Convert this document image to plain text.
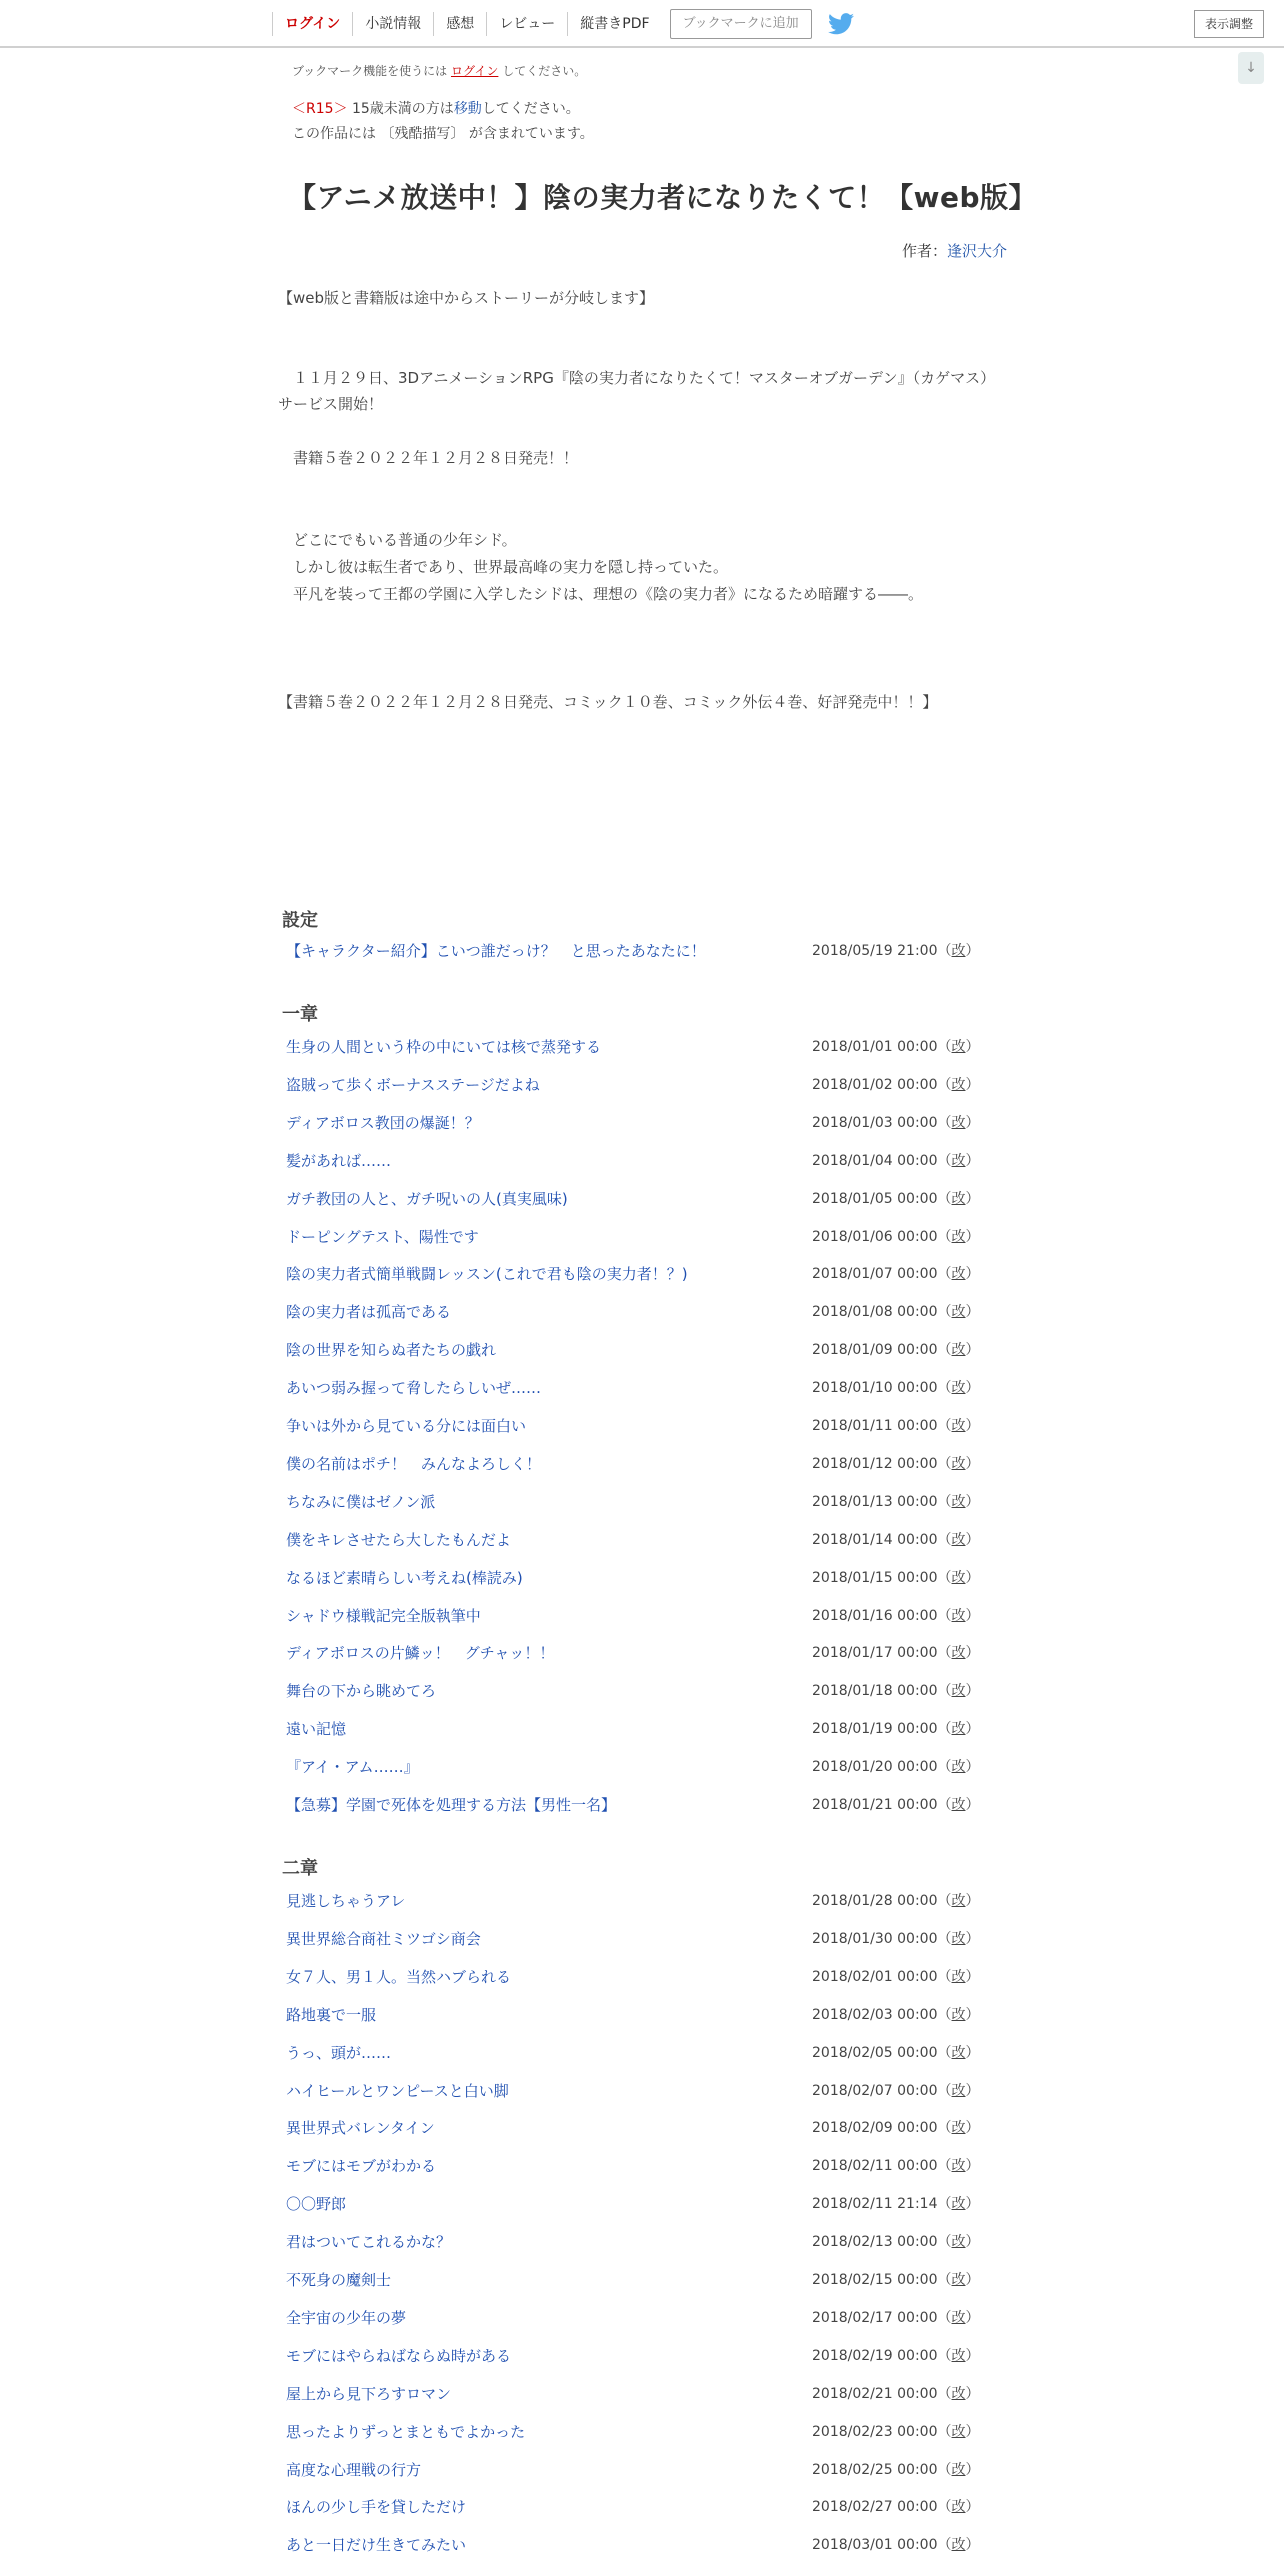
ログイン	小説情報	感想	レビュー	縦書きPDF	ブックマークに追加	表示調整
↓
ブックマーク機能を使うには ログイン してください。
＜R15＞ 15歳未満の方は移動してください。
この作品には 〔残酷描写〕 が含まれています。
【アニメ放送中！】陰の実力者になりたくて！【web版】
作者：逢沢大介
【web版と書籍版は途中からストーリーが分岐します】
　１１月２９日、3DアニメーションRPG『陰の実力者になりたくて！マスターオブガーデン』（カゲマス）
サービス開始！
　書籍５巻２０２２年１２月２８日発売！！
　どこにでもいる普通の少年シド。
　しかし彼は転生者であり、世界最高峰の実力を隠し持っていた。
　平凡を装って王都の学園に入学したシドは、理想の《陰の実力者》になるため暗躍する――。
【書籍５巻２０２２年１２月２８日発売、コミック１０巻、コミック外伝４巻、好評発売中！！】
設定
【キャラクター紹介】こいつ誰だっけ？　と思ったあなたに！	2018/05/19 21:00（改）
一章
生身の人間という枠の中にいては核で蒸発する	2018/01/01 00:00（改）
盗賊って歩くボーナスステージだよね	2018/01/02 00:00（改）
ディアボロス教団の爆誕！？	2018/01/03 00:00（改）
髪があれば……	2018/01/04 00:00（改）
ガチ教団の人と、ガチ呪いの人(真実風味)	2018/01/05 00:00（改）
ドーピングテスト、陽性です	2018/01/06 00:00（改）
陰の実力者式簡単戦闘レッスン(これで君も陰の実力者！？)	2018/01/07 00:00（改）
陰の実力者は孤高である	2018/01/08 00:00（改）
陰の世界を知らぬ者たちの戯れ	2018/01/09 00:00（改）
あいつ弱み握って脅したらしいぜ……	2018/01/10 00:00（改）
争いは外から見ている分には面白い	2018/01/11 00:00（改）
僕の名前はポチ！　みんなよろしく！	2018/01/12 00:00（改）
ちなみに僕はゼノン派	2018/01/13 00:00（改）
僕をキレさせたら大したもんだよ	2018/01/14 00:00（改）
なるほど素晴らしい考えね(棒読み)	2018/01/15 00:00（改）
シャドウ様戦記完全版執筆中	2018/01/16 00:00（改）
ディアボロスの片鱗ッ！　グチャッ！！	2018/01/17 00:00（改）
舞台の下から眺めてろ	2018/01/18 00:00（改）
遠い記憶	2018/01/19 00:00（改）
『アイ・アム……』	2018/01/20 00:00（改）
【急募】学園で死体を処理する方法【男性一名】	2018/01/21 00:00（改）
二章
見逃しちゃうアレ	2018/01/28 00:00（改）
異世界総合商社ミツゴシ商会	2018/01/30 00:00（改）
女７人、男１人。当然ハブられる	2018/02/01 00:00（改）
路地裏で一服	2018/02/03 00:00（改）
うっ、頭が……	2018/02/05 00:00（改）
ハイヒールとワンピースと白い脚	2018/02/07 00:00（改）
異世界式バレンタイン	2018/02/09 00:00（改）
モブにはモブがわかる	2018/02/11 00:00（改）
〇〇野郎	2018/02/11 21:14（改）
君はついてこれるかな？	2018/02/13 00:00（改）
不死身の魔剣士	2018/02/15 00:00（改）
全宇宙の少年の夢	2018/02/17 00:00（改）
モブにはやらねばならぬ時がある	2018/02/19 00:00（改）
屋上から見下ろすロマン	2018/02/21 00:00（改）
思ったよりずっとまともでよかった	2018/02/23 00:00（改）
高度な心理戦の行方	2018/02/25 00:00（改）
ほんの少し手を貸しただけ	2018/02/27 00:00（改）
あと一日だけ生きてみたい	2018/03/01 00:00（改）
